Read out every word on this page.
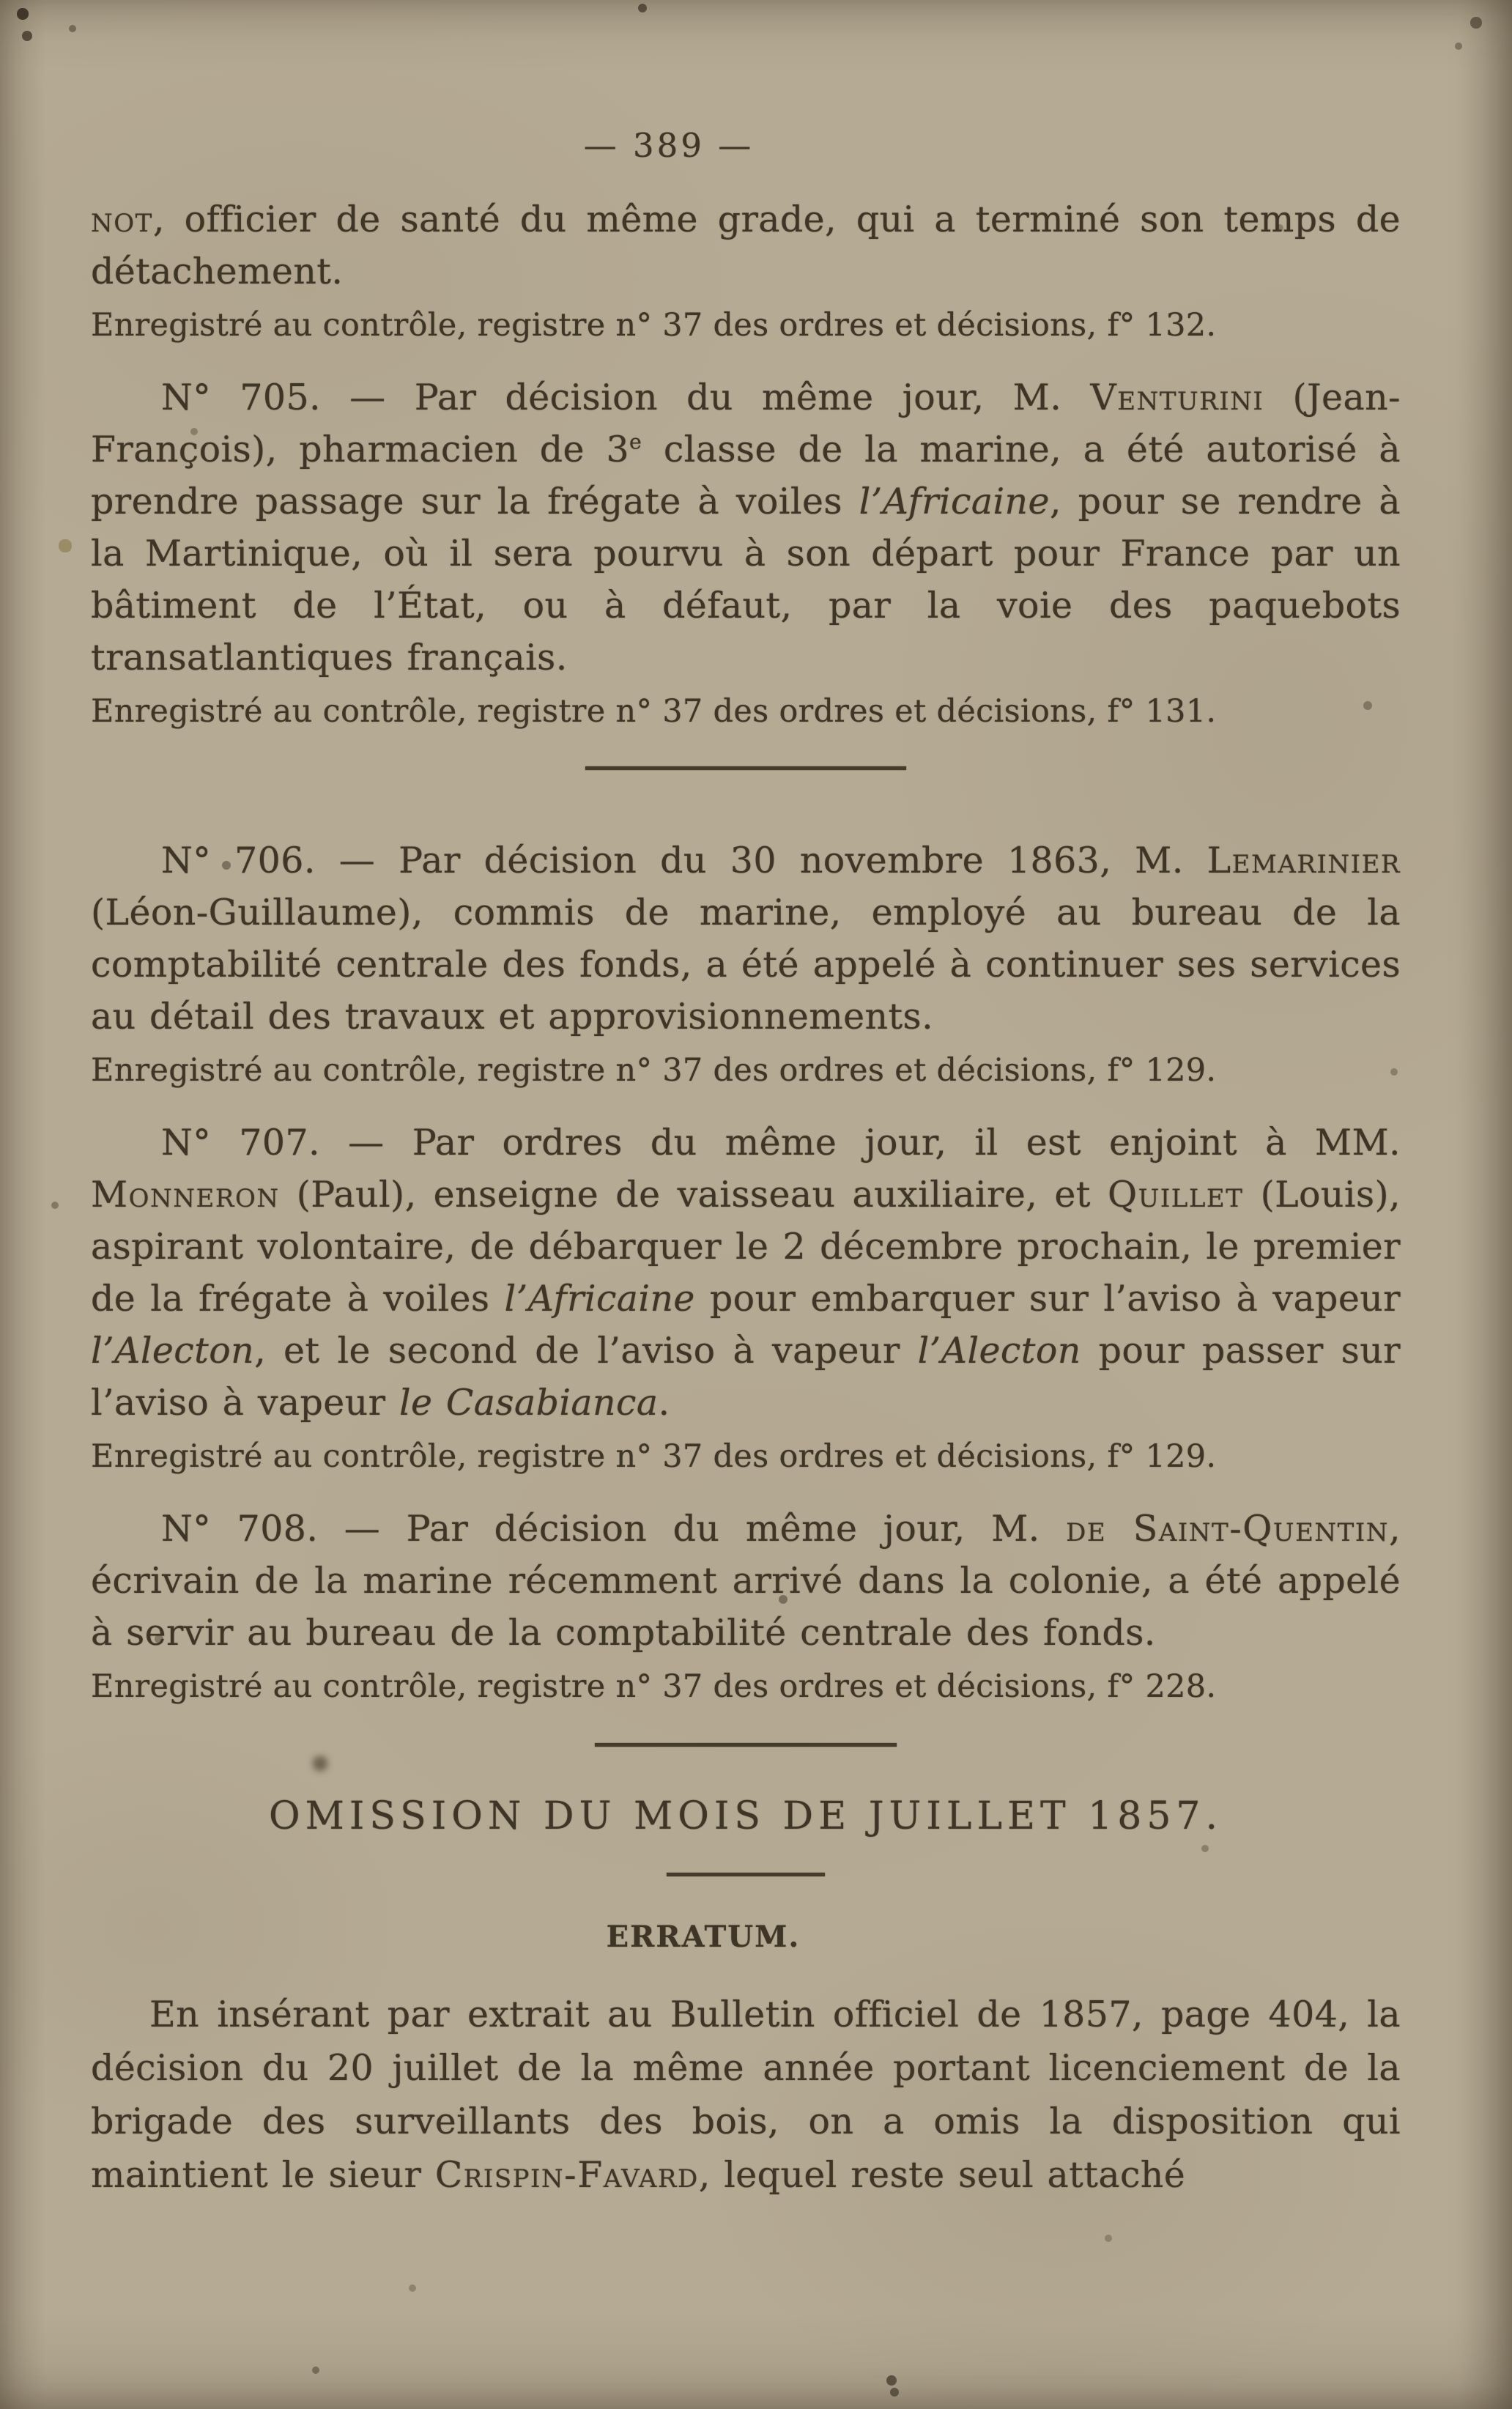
— 389 —

not, officier de santé du même grade, qui a terminé son temps de détachement.

Enregistré au contrôle, registre n° 37 des ordres et décisions, f° 132.

N° 705. — Par décision du même jour, M. Venturini (Jean-François), pharmacien de 3e classe de la marine, a été autorisé à prendre passage sur la frégate à voiles l’Africaine, pour se rendre à la Martinique, où il sera pourvu à son départ pour France par un bâtiment de l’État, ou à défaut, par la voie des paquebots transatlantiques français.

Enregistré au contrôle, registre n° 37 des ordres et décisions, f° 131.

N° 706. — Par décision du 30 novembre 1863, M. Lemarinier (Léon-Guillaume), commis de marine, employé au bureau de la comptabilité centrale des fonds, a été appelé à continuer ses services au détail des travaux et approvisionnements.

Enregistré au contrôle, registre n° 37 des ordres et décisions, f° 129.

N° 707. — Par ordres du même jour, il est enjoint à MM. Monneron (Paul), enseigne de vaisseau auxiliaire, et Quillet (Louis), aspirant volontaire, de débarquer le 2 décembre prochain, le premier de la frégate à voiles l’Africaine pour embarquer sur l’aviso à vapeur l’Alecton, et le second de l’aviso à vapeur l’Alecton pour passer sur l’aviso à vapeur le Casabianca.

Enregistré au contrôle, registre n° 37 des ordres et décisions, f° 129.

N° 708. — Par décision du même jour, M. de Saint-Quentin, écrivain de la marine récemment arrivé dans la colonie, a été appelé à servir au bureau de la comptabilité centrale des fonds.

Enregistré au contrôle, registre n° 37 des ordres et décisions, f° 228.

OMISSION DU MOIS DE JUILLET 1857.
ERRATUM.

En insérant par extrait au Bulletin officiel de 1857, page 404, la décision du 20 juillet de la même année portant licenciement de la brigade des surveillants des bois, on a omis la disposition qui maintient le sieur Crispin-Favard, lequel reste seul attaché
